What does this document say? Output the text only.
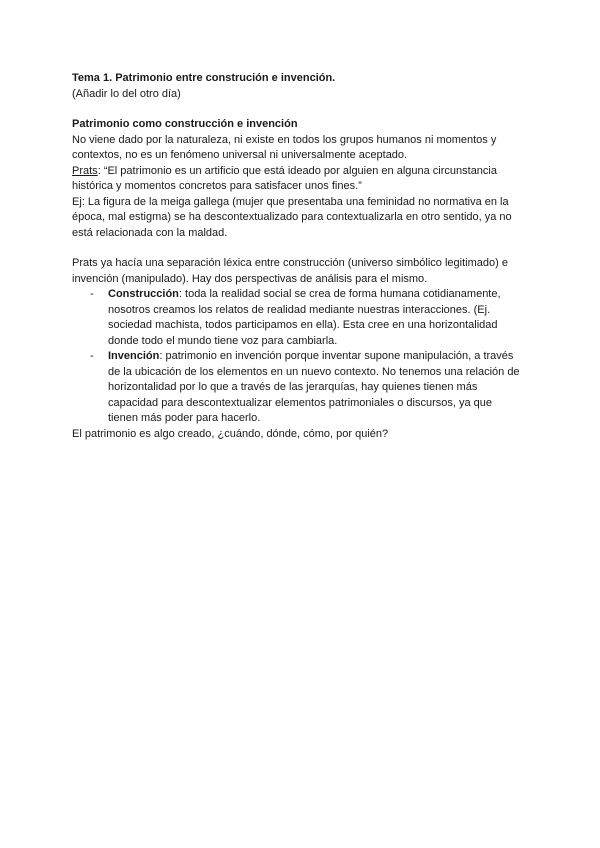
Tema 1. Patrimonio entre construción e invención.
(Añadir lo del otro día)
Patrimonio como construcción e invención
No viene dado por la naturaleza, ni existe en todos los grupos humanos ni momentos y
contextos, no es un fenómeno universal ni universalmente aceptado.
Prats: “El patrimonio es un artificio que está ideado por alguien en alguna circunstancia
histórica y momentos concretos para satisfacer unos fines.”
Ej: La figura de la meiga gallega (mujer que presentaba una feminidad no normativa en la
época, mal estigma) se ha descontextualizado para contextualizarla en otro sentido, ya no
está relacionada con la maldad.
Prats ya hacía una separación léxica entre construcción (universo simbólico legitimado) e
invención (manipulado). Hay dos perspectivas de análisis para el mismo.
- Construcción: toda la realidad social se crea de forma humana cotidianamente,
nosotros creamos los relatos de realidad mediante nuestras interacciones. (Ej.
sociedad machista, todos participamos en ella). Esta cree en una horizontalidad
donde todo el mundo tiene voz para cambiarla.
- Invención: patrimonio en invención porque inventar supone manipulación, a través
de la ubicación de los elementos en un nuevo contexto. No tenemos una relación de
horizontalidad por lo que a través de las jerarquías, hay quienes tienen más
capacidad para descontextualizar elementos patrimoniales o discursos, ya que
tienen más poder para hacerlo.
El patrimonio es algo creado, ¿cuándo, dónde, cómo, por quién?
